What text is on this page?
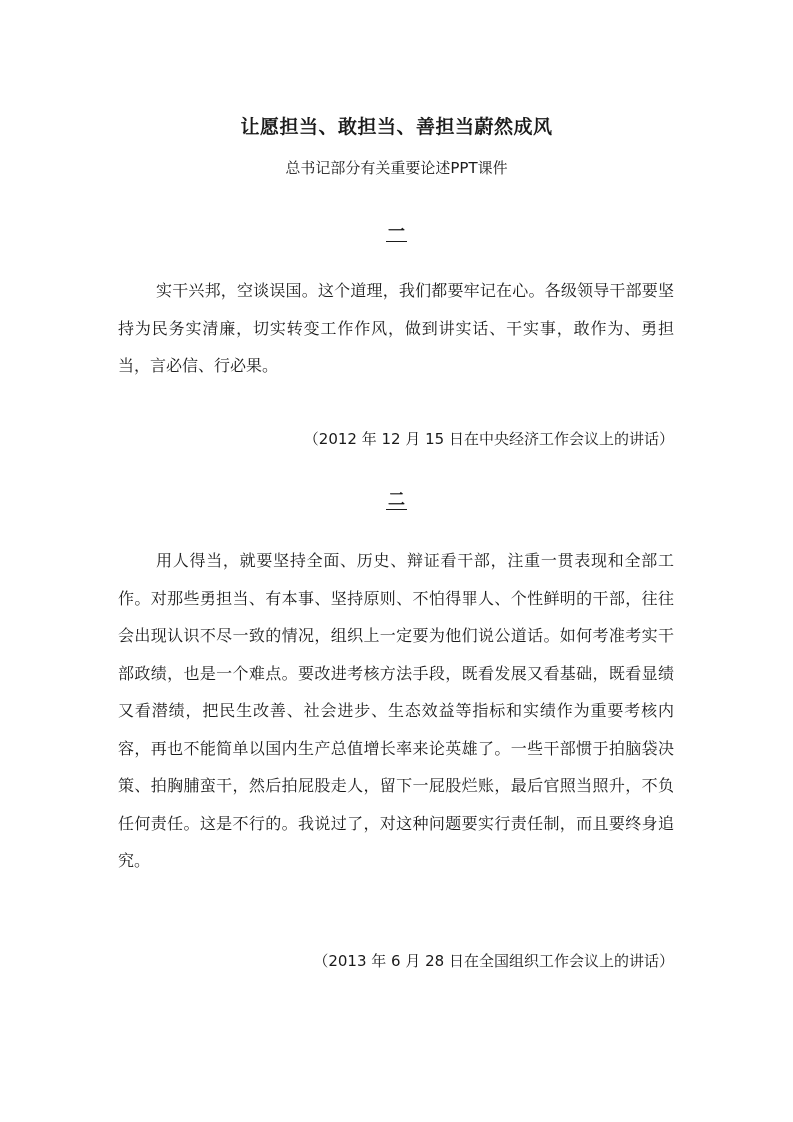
让愿担当、敢担当、善担当蔚然成风
总书记部分有关重要论述PPT课件
一

实干兴邦，空谈误国。这个道理，我们都要牢记在心。各级领导干部要坚持为民务实清廉，切实转变工作作风，做到讲实话、干实事，敢作为、勇担当，言必信、行必果。

（2012 年 12 月 15 日在中央经济工作会议上的讲话）

二

用人得当，就要坚持全面、历史、辩证看干部，注重一贯表现和全部工作。对那些勇担当、有本事、坚持原则、不怕得罪人、个性鲜明的干部，往往会出现认识不尽一致的情况，组织上一定要为他们说公道话。如何考准考实干部政绩，也是一个难点。要改进考核方法手段，既看发展又看基础，既看显绩又看潜绩，把民生改善、社会进步、生态效益等指标和实绩作为重要考核内容，再也不能简单以国内生产总值增长率来论英雄了。一些干部惯于拍脑袋决策、拍胸脯蛮干，然后拍屁股走人，留下一屁股烂账，最后官照当照升，不负任何责任。这是不行的。我说过了，对这种问题要实行责任制，而且要终身追究。

（2013 年 6 月 28 日在全国组织工作会议上的讲话）
